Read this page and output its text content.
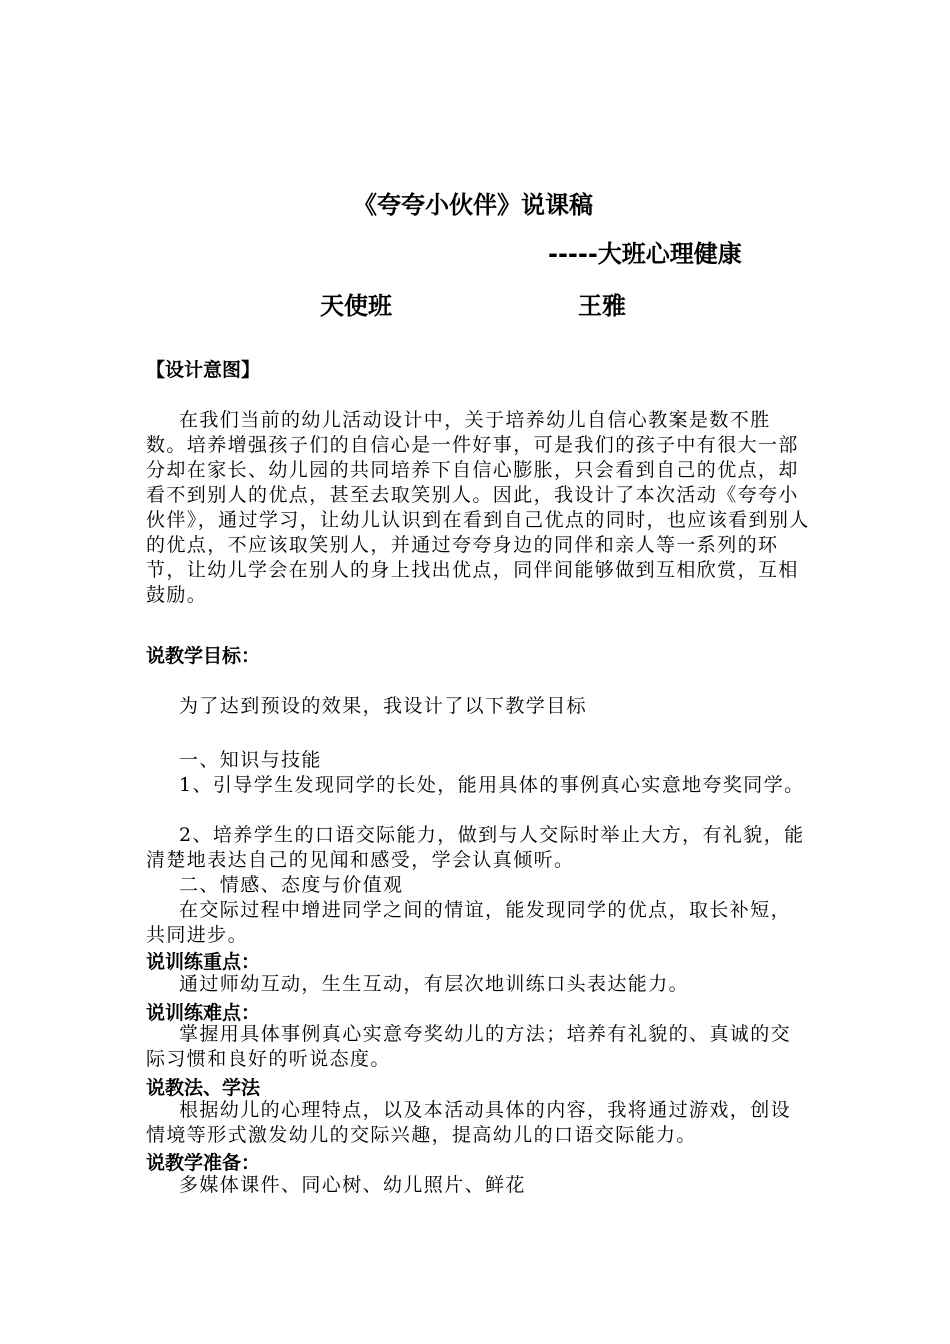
《夸夸小伙伴》说课稿
-----大班心理健康
天使班	王雅
【设计意图】
在我们当前的幼儿活动设计中，关于培养幼儿自信心教案是数不胜数。培养增强孩子们的自信心是一件好事，可是我们的孩子中有很大一部分却在家长、幼儿园的共同培养下自信心膨胀，只会看到自己的优点，却看不到别人的优点，甚至去取笑别人。因此，我设计了本次活动《夸夸小伙伴》，通过学习，让幼儿认识到在看到自己优点的同时，也应该看到别人的优点，不应该取笑别人，并通过夸夸身边的同伴和亲人等一系列的环节，让幼儿学会在别人的身上找出优点，同伴间能够做到互相欣赏，互相鼓励。
说教学目标：
为了达到预设的效果，我设计了以下教学目标
一、知识与技能
1、引导学生发现同学的长处，能用具体的事例真心实意地夸奖同学。
2、培养学生的口语交际能力，做到与人交际时举止大方，有礼貌，能清楚地表达自己的见闻和感受，学会认真倾听。
二、情感、态度与价值观
在交际过程中增进同学之间的情谊，能发现同学的优点，取长补短，共同进步。
说训练重点：
通过师幼互动，生生互动，有层次地训练口头表达能力。
说训练难点：
掌握用具体事例真心实意夸奖幼儿的方法；培养有礼貌的、真诚的交际习惯和良好的听说态度。
说教法、学法
根据幼儿的心理特点，以及本活动具体的内容，我将通过游戏，创设情境等形式激发幼儿的交际兴趣，提高幼儿的口语交际能力。
说教学准备：
多媒体课件、同心树、幼儿照片、鲜花
